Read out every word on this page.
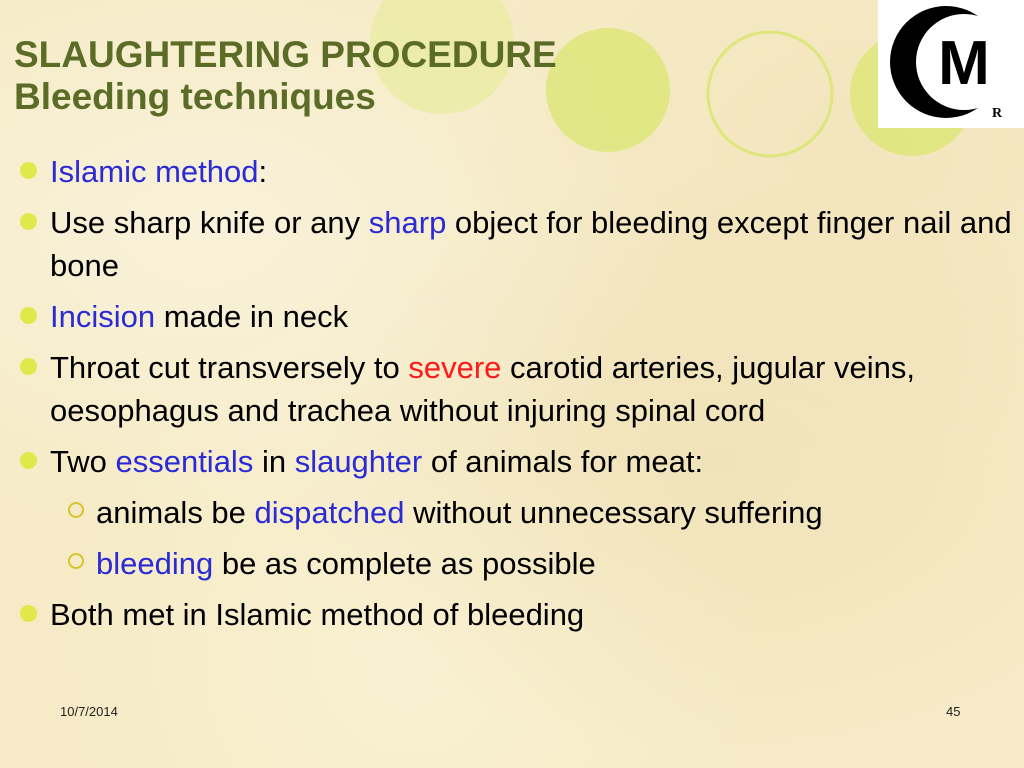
SLAUGHTERING PROCEDURE
Bleeding techniques	M
R
Islamic method:
Use sharp knife or any sharp object for bleeding except finger nail and bone
Incision made in neck
Throat cut transversely to severe carotid arteries, jugular veins, oesophagus and trachea without injuring spinal cord
Two essentials in slaughter of animals for meat:
animals be dispatched without unnecessary suffering
bleeding be as complete as possible
Both met in Islamic method of bleeding
10/7/2014	45
